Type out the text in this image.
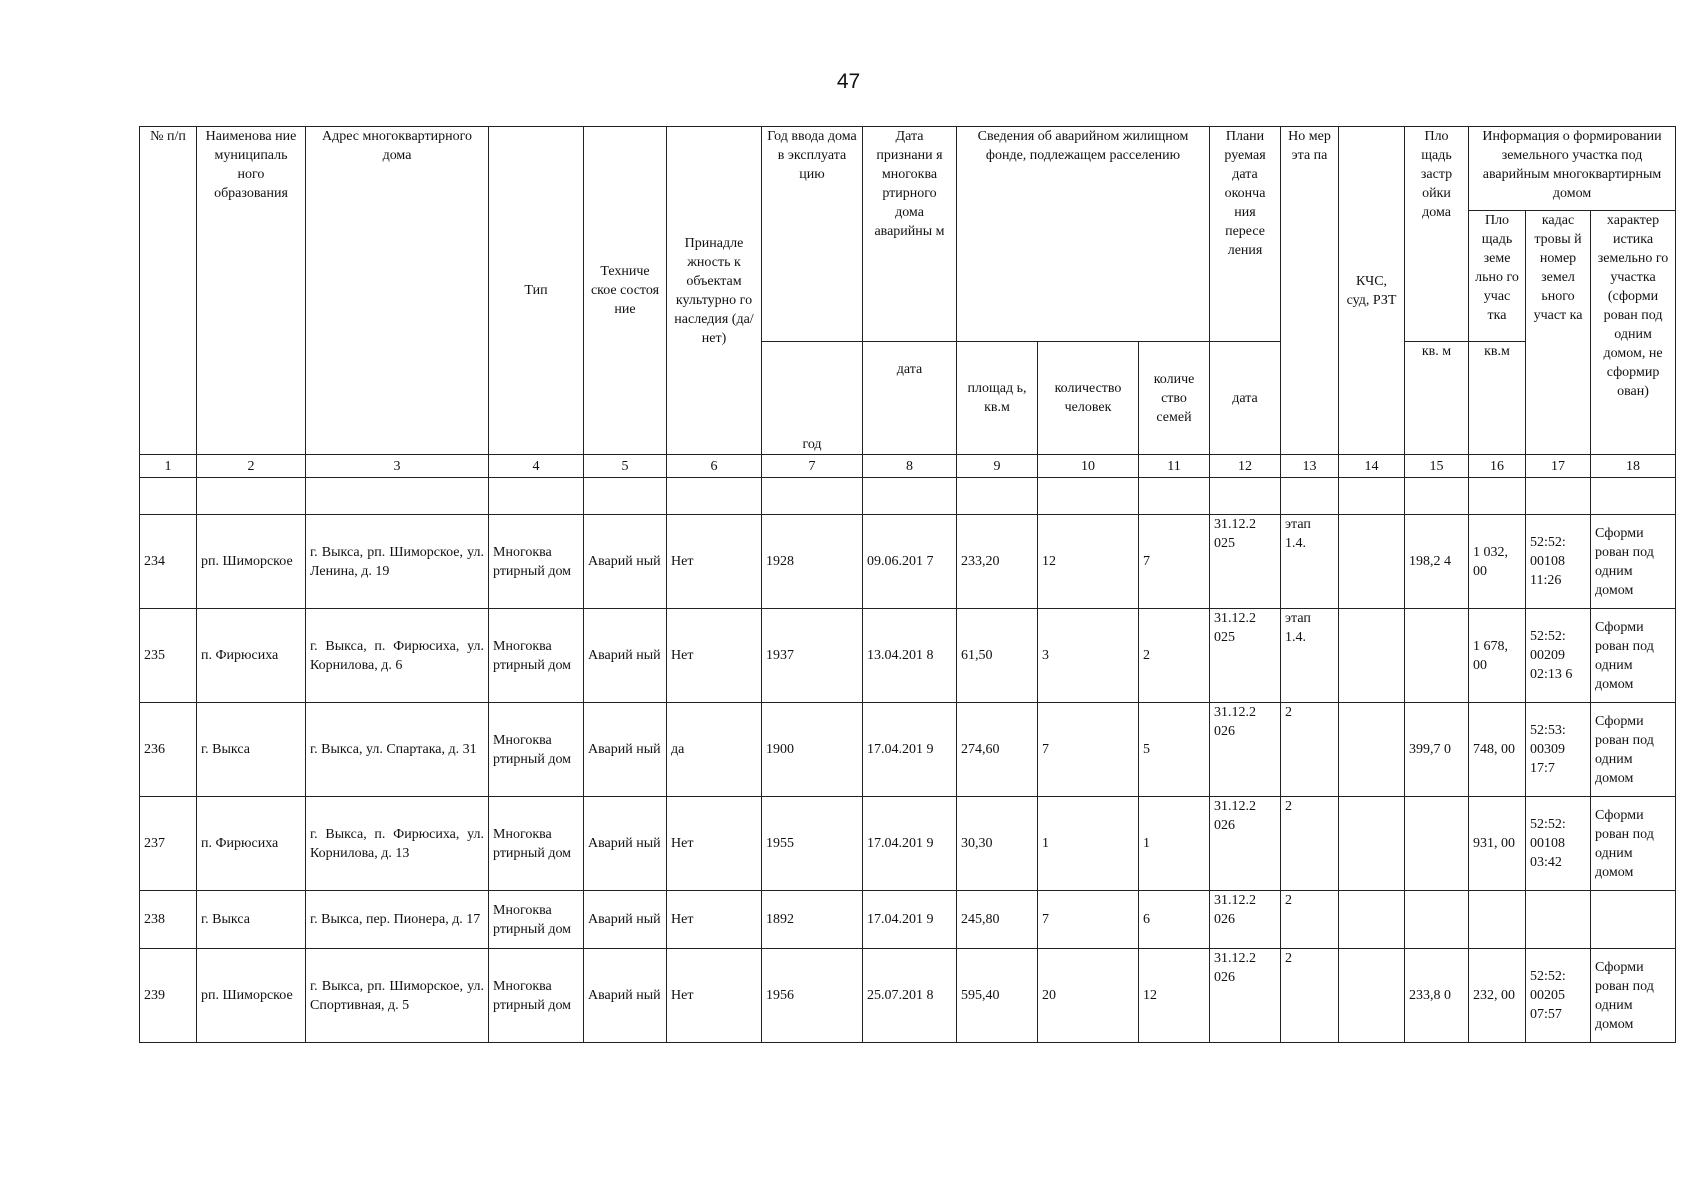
47
№ п/п	Наименова ние муниципаль ного образования	Адрес многоквартирного дома	Тип	Техниче ское состоя ние	Принадле жность к объектам культурно го наследия (да/нет)	Год ввода дома в эксплуата цию	Дата признани я многоква ртирного дома аварийны м	Сведения об аварийном жилищном фонде, подлежащем расселению			Плани руемая дата оконча ния пересе ления	Но мер эта па	КЧС, суд, РЗТ	Пло щадь застр ойки дома	Информация о формировании земельного участка под аварийным многоквартирным домом		
															Пло щадь земе льно го учас тка	кадас тровы й номер земел ьного участ ка	характер истика земельно го участка (сформи рован под одним домом, не сформир ован)
						год	дата	площад ь, кв.м	количество человек	количе ство семей	дата			кв. м	кв.м		
1	2	3	4	5	6	7	8	9	10	11	12	13	14	15	16	17	18

234	рп. Шиморское	г. Выкса, рп. Шиморское, ул. Ленина, д. 19	Многоква ртирный дом	Аварий ный	Нет	1928	09.06.201 7	233,20	12	7	31.12.2 025	этап 1.4.		198,2 4	1 032, 00	52:52: 00108 11:26	Сформи рован под одним домом
235	п. Фирюсиха	г. Выкса, п. Фирюсиха, ул. Корнилова, д. 6	Многоква ртирный дом	Аварий ный	Нет	1937	13.04.201 8	61,50	3	2	31.12.2 025	этап 1.4.			1 678, 00	52:52: 00209 02:13 6	Сформи рован под одним домом
236	г. Выкса	г. Выкса, ул. Спартака, д. 31	Многоква ртирный дом	Аварий ный	да	1900	17.04.201 9	274,60	7	5	31.12.2 026	2		399,7 0	748, 00	52:53: 00309 17:7	Сформи рован под одним домом
237	п. Фирюсиха	г. Выкса, п. Фирюсиха, ул. Корнилова, д. 13	Многоква ртирный дом	Аварий ный	Нет	1955	17.04.201 9	30,30	1	1	31.12.2 026	2			931, 00	52:52: 00108 03:42	Сформи рован под одним домом
238	г. Выкса	г. Выкса, пер. Пионера, д. 17	Многоква ртирный дом	Аварий ный	Нет	1892	17.04.201 9	245,80	7	6	31.12.2 026	2					
239	рп. Шиморское	г. Выкса, рп. Шиморское, ул. Спортивная, д. 5	Многоква ртирный дом	Аварий ный	Нет	1956	25.07.201 8	595,40	20	12	31.12.2 026	2		233,8 0	232, 00	52:52: 00205 07:57	Сформи рован под одним домом
